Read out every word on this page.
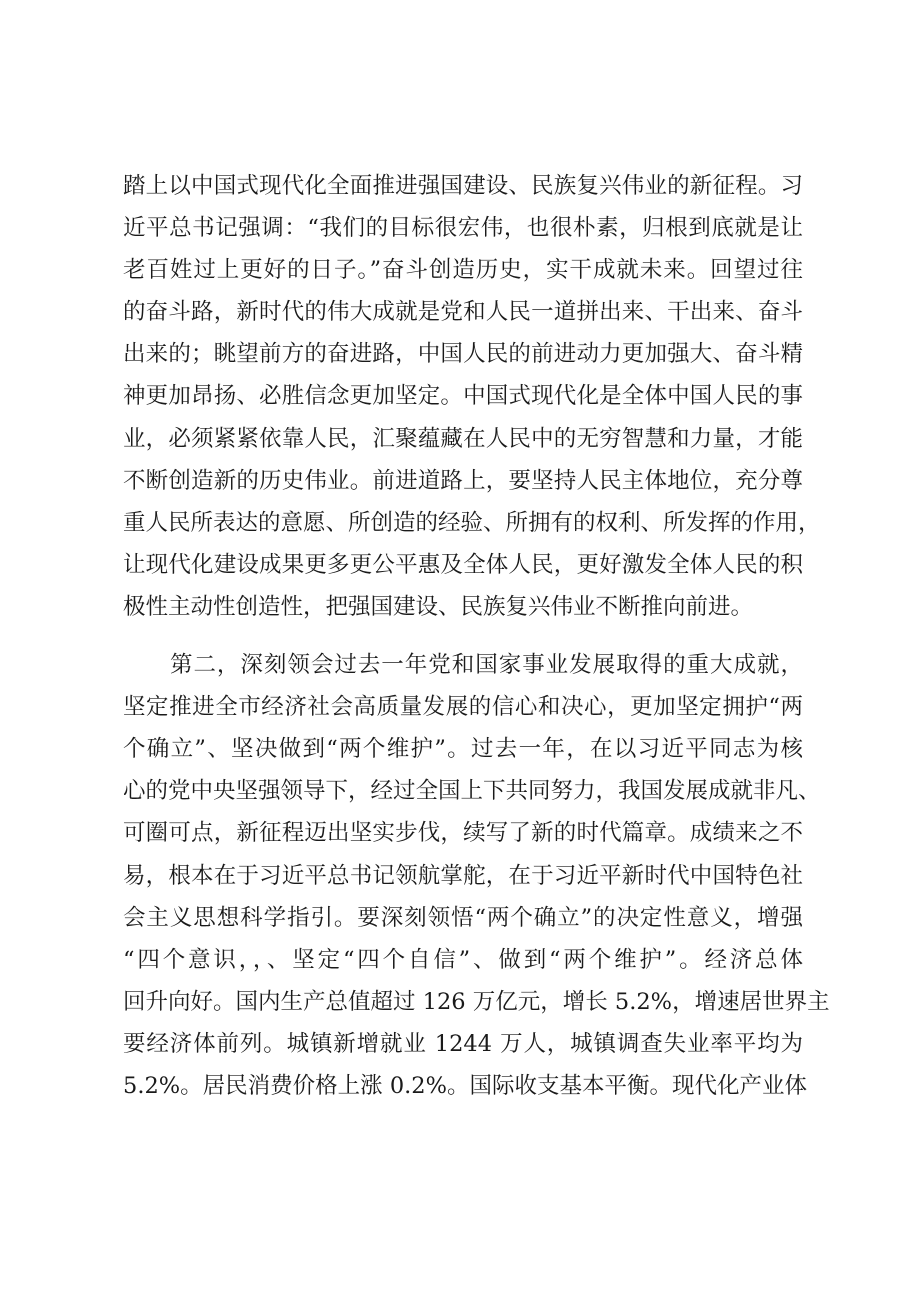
踏上以中国式现代化全面推进强国建设、民族复兴伟业的新征程。习
近平总书记强调：“我们的目标很宏伟，也很朴素，归根到底就是让
老百姓过上更好的日子。”奋斗创造历史，实干成就未来。回望过往
的奋斗路，新时代的伟大成就是党和人民一道拼出来、干出来、奋斗
出来的；眺望前方的奋进路，中国人民的前进动力更加强大、奋斗精
神更加昂扬、必胜信念更加坚定。中国式现代化是全体中国人民的事
业，必须紧紧依靠人民，汇聚蕴藏在人民中的无穷智慧和力量，才能
不断创造新的历史伟业。前进道路上，要坚持人民主体地位，充分尊
重人民所表达的意愿、所创造的经验、所拥有的权利、所发挥的作用，
让现代化建设成果更多更公平惠及全体人民，更好激发全体人民的积
极性主动性创造性，把强国建设、民族复兴伟业不断推向前进。
　　第二，深刻领会过去一年党和国家事业发展取得的重大成就，
坚定推进全市经济社会高质量发展的信心和决心，更加坚定拥护“两
个确立”、坚决做到“两个维护”。过去一年，在以习近平同志为核
心的党中央坚强领导下，经过全国上下共同努力，我国发展成就非凡、
可圈可点，新征程迈出坚实步伐，续写了新的时代篇章。成绩来之不
易，根本在于习近平总书记领航掌舵，在于习近平新时代中国特色社
会主义思想科学指引。要深刻领悟“两个确立”的决定性意义，增强
“四个意识，，、坚定“四个自信”、做到“两个维护”。经济总体
回升向好。国内生产总值超过 126 万亿元，增长 5.2%，增速居世界主
要经济体前列。城镇新增就业 1244 万人，城镇调查失业率平均为
5.2%。居民消费价格上涨 0.2%。国际收支基本平衡。现代化产业体
